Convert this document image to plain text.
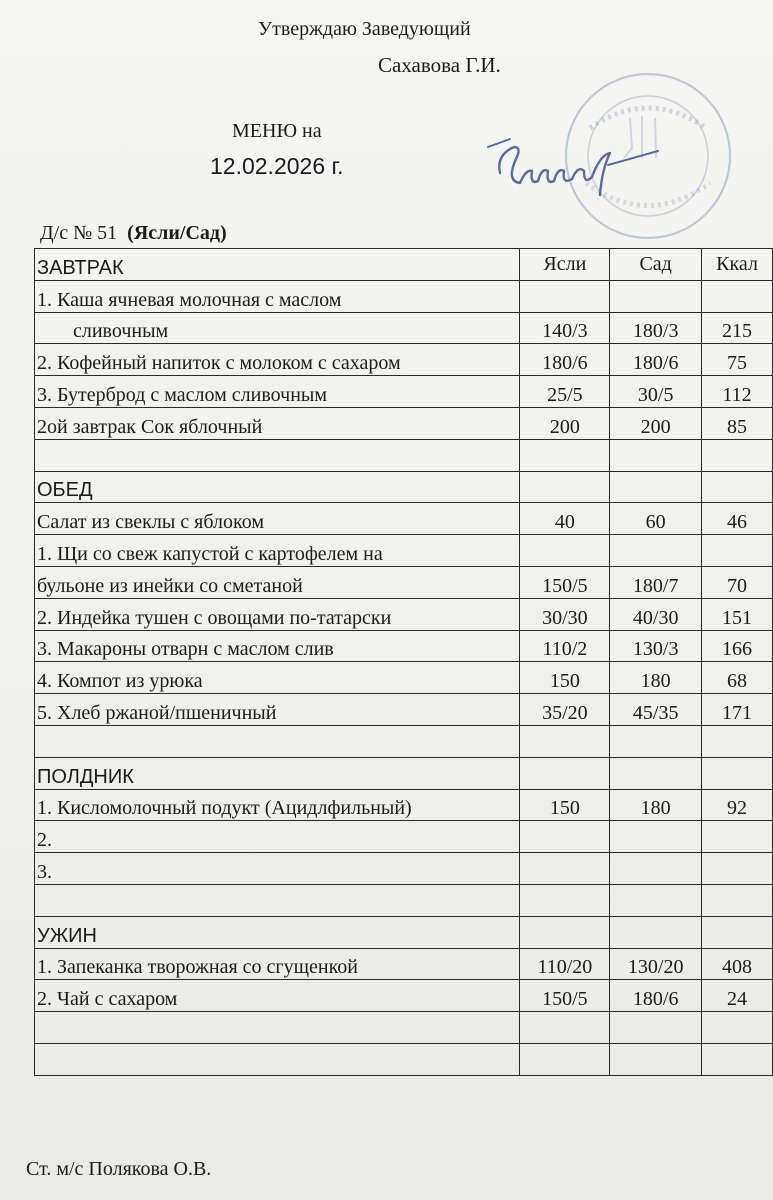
Утверждаю Заведующий
Сахавова Г.И.
МЕНЮ на
12.02.2026 г.
Д/с № 51 (Ясли/Сад)
ЗАВТРАК	Ясли	Сад	Ккал
1. Каша ячневая молочная с маслом			
сливочным	140/3	180/3	215
2. Кофейный напиток с молоком с сахаром	180/6	180/6	75
3. Бутерброд с маслом сливочным	25/5	30/5	112
2ой завтрак Сок яблочный	200	200	85

ОБЕД			
Салат из свеклы с яблоком	40	60	46
1. Щи со свеж капустой с картофелем на			
бульоне из инейки со сметаной	150/5	180/7	70
2. Индейка тушен с овощами по-татарски	30/30	40/30	151
3. Макароны отварн с маслом слив	110/2	130/3	166
4. Компот из урюка	150	180	68
5. Хлеб ржаной/пшеничный	35/20	45/35	171

ПОЛДНИК			
1. Кисломолочный подукт (Ацидлфильный)	150	180	92
2.			
3.			

УЖИН			
1. Запеканка творожная со сгущенкой	110/20	130/20	408
2. Чай с сахаром	150/5	180/6	24

Ст. м/с Полякова О.В.
